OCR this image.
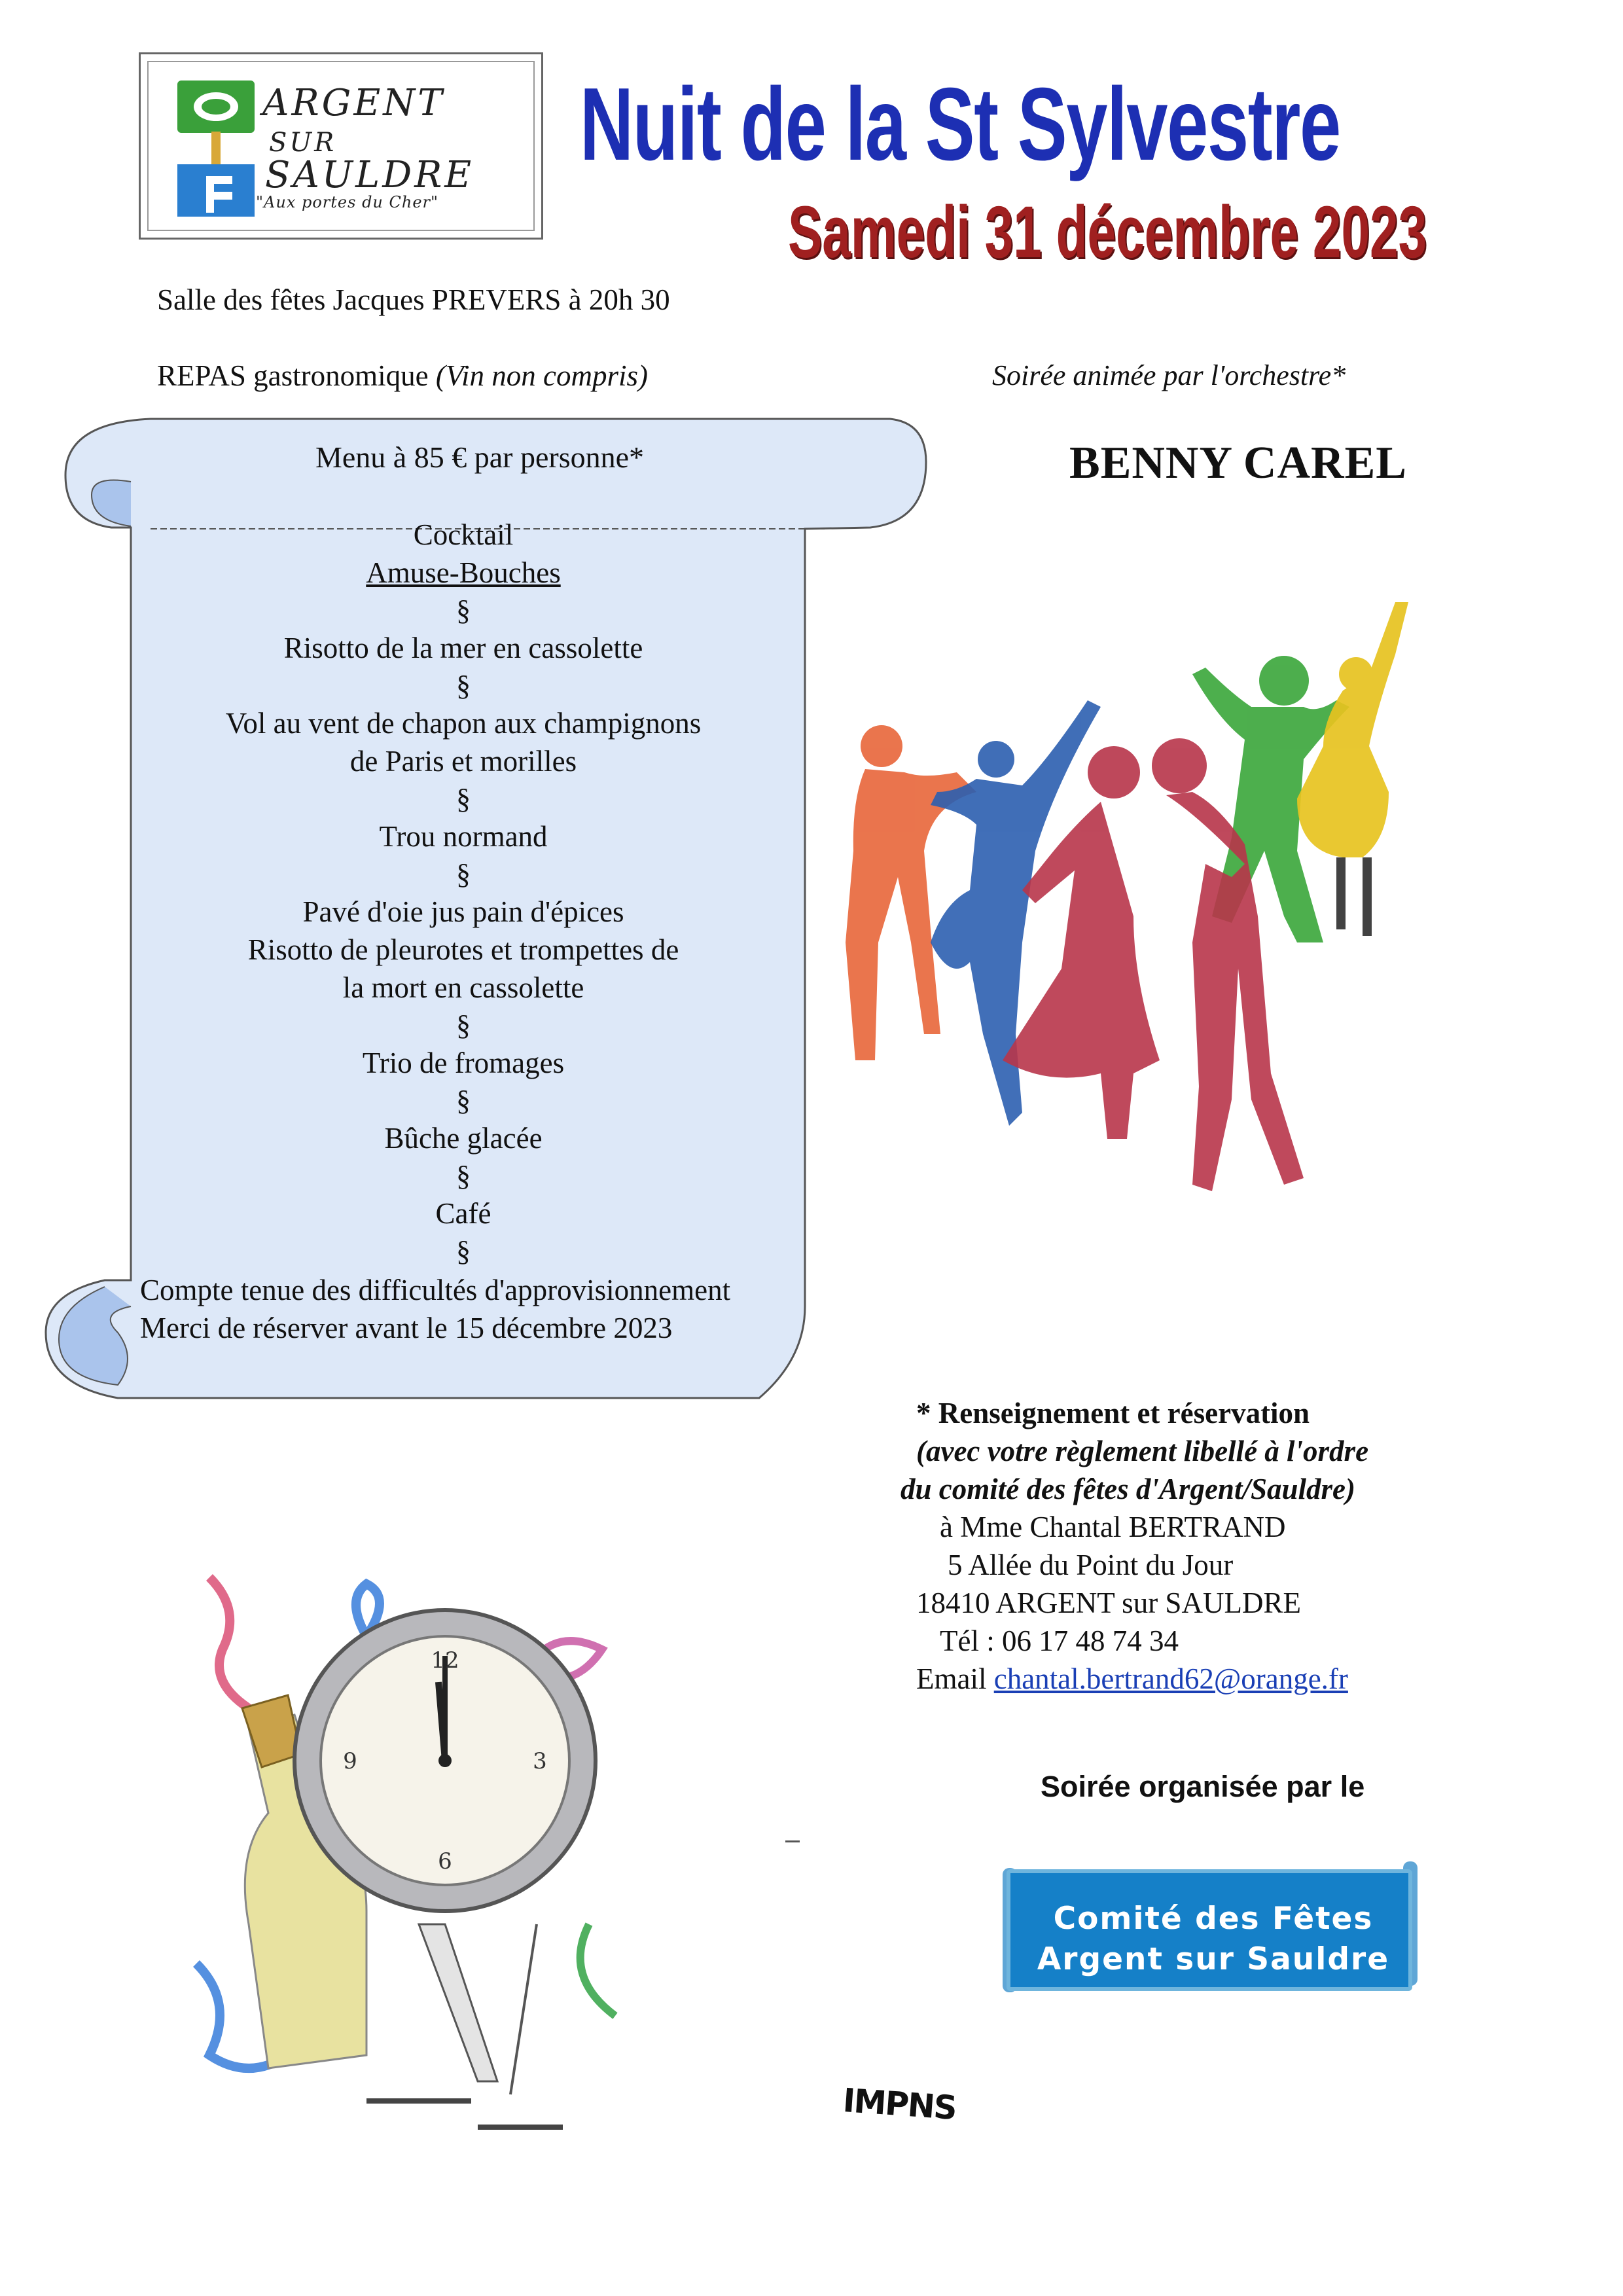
ARGENT
SUR
SAULDRE
"Aux portes du Cher"
Nuit de la St Sylvestre
Samedi 31 décembre 2023
Salle des fêtes Jacques PREVERS à 20h 30
REPAS gastronomique (Vin non compris)	Soirée animée par l'orchestre*
BENNY CAREL
Menu à 85 € par personne*
Cocktail
Amuse-Bouches
§
Risotto de la mer en cassolette
§
Vol au vent de chapon aux champignons
de Paris et morilles
§
Trou normand
§
Pavé d'oie jus pain d'épices
Risotto de pleurotes et trompettes de
la mort en cassolette
§
Trio de fromages
§
Bûche glacée
§
Café
§
Compte tenue des difficultés d'approvisionnement
Merci de réserver avant le 15 décembre 2023
* Renseignement et réservation
(avec votre règlement libellé à l'ordre
du comité des fêtes d'Argent/Sauldre)
à Mme Chantal BERTRAND
5 Allée du Point du Jour
18410 ARGENT sur SAULDRE
Tél : 06 17 48 74 34
Email chantal.bertrand62@orange.fr
Soirée organisée par le
Comité des Fêtes
Argent sur Sauldre
12
3
6
9
IMPNS
